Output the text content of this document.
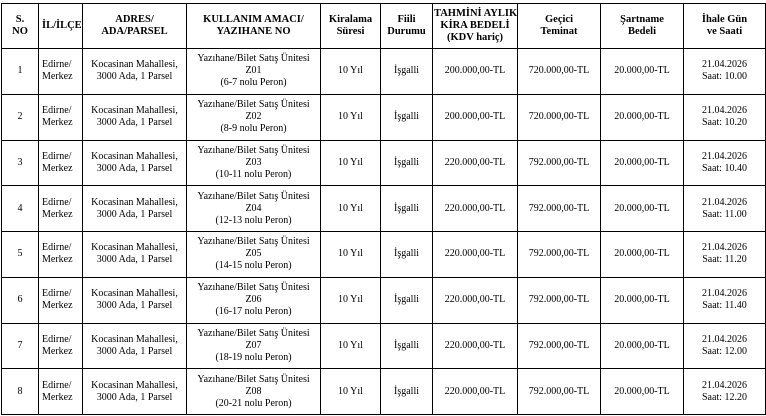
S.
NO	İL/İLÇE	ADRES/
ADA/PARSEL	KULLANIM AMACI/
YAZIHANE NO	Kiralama
Süresi	Fiili
Durumu	TAHMİNİ AYLIK
KİRA BEDELİ
(KDV hariç)	Geçici
Teminat	Şartname
Bedeli	İhale Gün
ve Saati

1	Edirne/
Merkez	Kocasinan Mahallesi,
3000 Ada, 1 Parsel	Yazıhane/Bilet Satış Ünitesi
Z01
(6-7 nolu Peron)	10 Yıl	İşgalli	200.000,00-TL	720.000,00-TL	20.000,00-TL	21.04.2026
Saat: 10.00

2	Edirne/
Merkez	Kocasinan Mahallesi,
3000 Ada, 1 Parsel	Yazıhane/Bilet Satış Ünitesi
Z02
(8-9 nolu Peron)	10 Yıl	İşgalli	200.000,00-TL	720.000,00-TL	20.000,00-TL	21.04.2026
Saat: 10.20

3	Edirne/
Merkez	Kocasinan Mahallesi,
3000 Ada, 1 Parsel	Yazıhane/Bilet Satış Ünitesi
Z03
(10-11 nolu Peron)	10 Yıl	İşgalli	220.000,00-TL	792.000,00-TL	20.000,00-TL	21.04.2026
Saat: 10.40

4	Edirne/
Merkez	Kocasinan Mahallesi,
3000 Ada, 1 Parsel	Yazıhane/Bilet Satış Ünitesi
Z04
(12-13 nolu Peron)	10 Yıl	İşgalli	220.000,00-TL	792.000,00-TL	20.000,00-TL	21.04.2026
Saat: 11.00

5	Edirne/
Merkez	Kocasinan Mahallesi,
3000 Ada, 1 Parsel	Yazıhane/Bilet Satış Ünitesi
Z05
(14-15 nolu Peron)	10 Yıl	İşgalli	220.000,00-TL	792.000,00-TL	20.000,00-TL	21.04.2026
Saat: 11.20

6	Edirne/
Merkez	Kocasinan Mahallesi,
3000 Ada, 1 Parsel	Yazıhane/Bilet Satış Ünitesi
Z06
(16-17 nolu Peron)	10 Yıl	İşgalli	220.000,00-TL	792.000,00-TL	20.000,00-TL	21.04.2026
Saat: 11.40

7	Edirne/
Merkez	Kocasinan Mahallesi,
3000 Ada, 1 Parsel	Yazıhane/Bilet Satış Ünitesi
Z07
(18-19 nolu Peron)	10 Yıl	İşgalli	220.000,00-TL	792.000,00-TL	20.000,00-TL	21.04.2026
Saat: 12.00

8	Edirne/
Merkez	Kocasinan Mahallesi,
3000 Ada, 1 Parsel	Yazıhane/Bilet Satış Ünitesi
Z08
(20-21 nolu Peron)	10 Yıl	İşgalli	220.000,00-TL	792.000,00-TL	20.000,00-TL	21.04.2026
Saat: 12.20
